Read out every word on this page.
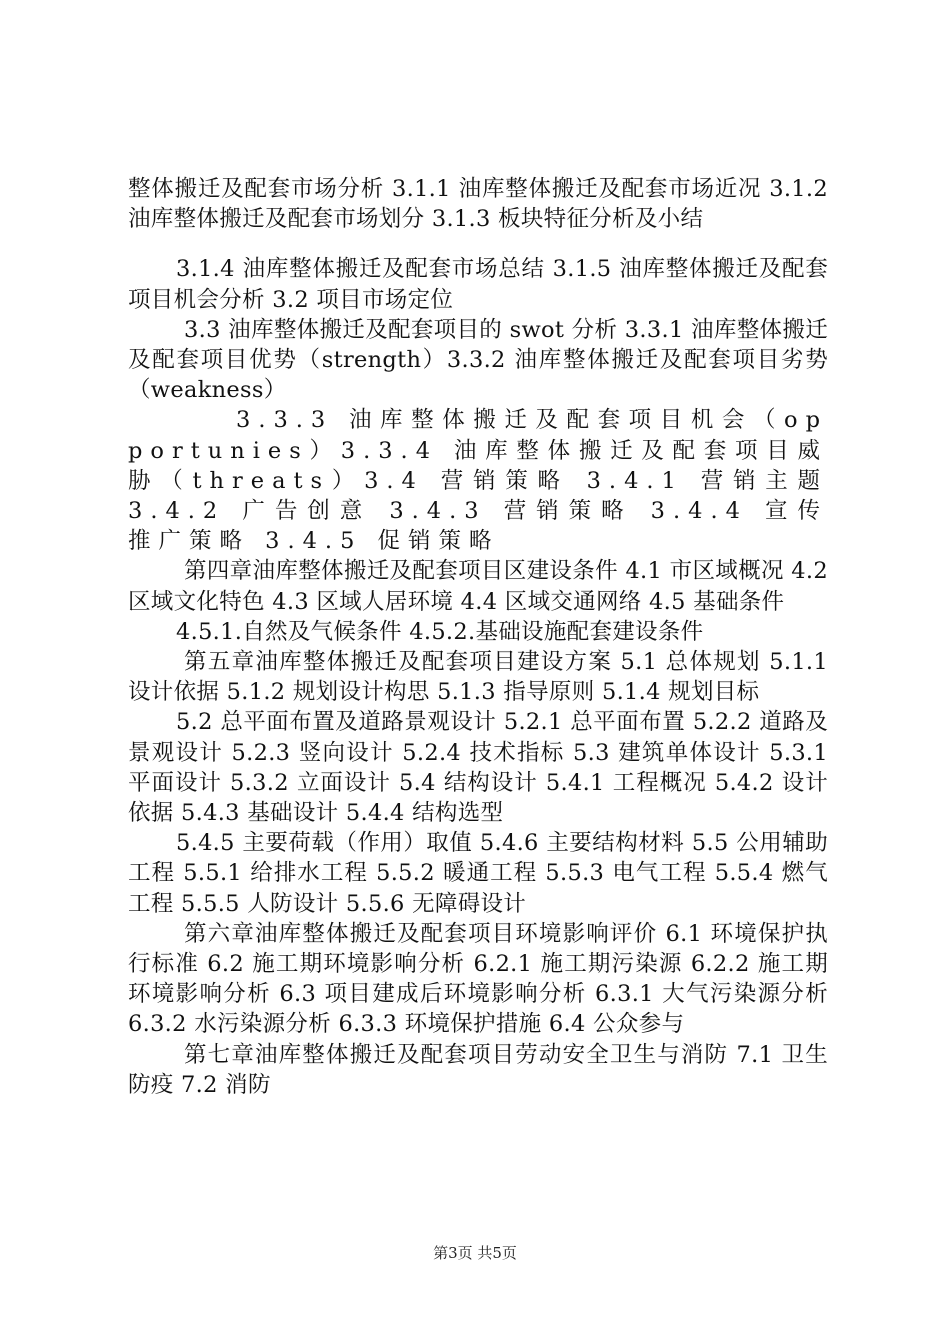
整体搬迁及配套市场分析 3.1.1 油库整体搬迁及配套市场近况 3.1.2 油库整体搬迁及配套市场划分 3.1.3 板块特征分析及小结

3.1.4 油库整体搬迁及配套市场总结 3.1.5 油库整体搬迁及配套项目机会分析 3.2 项目市场定位

3.3 油库整体搬迁及配套项目的 swot 分析 3.3.1 油库整体搬迁及配套项目优势（strength）3.3.2 油库整体搬迁及配套项目劣势（weakness）

3.3.3 油库整体搬迁及配套项目机会（opportunies）3.3.4 油库整体搬迁及配套项目威胁（threats）3.4 营销策略 3.4.1 营销主题 3.4.2 广告创意 3.4.3 营销策略 3.4.4 宣传推广策略 3.4.5 促销策略

第四章油库整体搬迁及配套项目区建设条件 4.1 市区域概况 4.2 区域文化特色 4.3 区域人居环境 4.4 区域交通网络 4.5 基础条件

4.5.1.自然及气候条件 4.5.2.基础设施配套建设条件

第五章油库整体搬迁及配套项目建设方案 5.1 总体规划 5.1.1 设计依据 5.1.2 规划设计构思 5.1.3 指导原则 5.1.4 规划目标

5.2 总平面布置及道路景观设计 5.2.1 总平面布置 5.2.2 道路及景观设计 5.2.3 竖向设计 5.2.4 技术指标 5.3 建筑单体设计 5.3.1 平面设计 5.3.2 立面设计 5.4 结构设计 5.4.1 工程概况 5.4.2 设计依据 5.4.3 基础设计 5.4.4 结构选型

5.4.5 主要荷载（作用）取值 5.4.6 主要结构材料 5.5 公用辅助工程 5.5.1 给排水工程 5.5.2 暖通工程 5.5.3 电气工程 5.5.4 燃气工程 5.5.5 人防设计 5.5.6 无障碍设计

第六章油库整体搬迁及配套项目环境影响评价 6.1 环境保护执行标准 6.2 施工期环境影响分析 6.2.1 施工期污染源 6.2.2 施工期环境影响分析 6.3 项目建成后环境影响分析 6.3.1 大气污染源分析 6.3.2 水污染源分析 6.3.3 环境保护措施 6.4 公众参与

第七章油库整体搬迁及配套项目劳动安全卫生与消防 7.1 卫生防疫 7.2 消防

第3页 共5页
